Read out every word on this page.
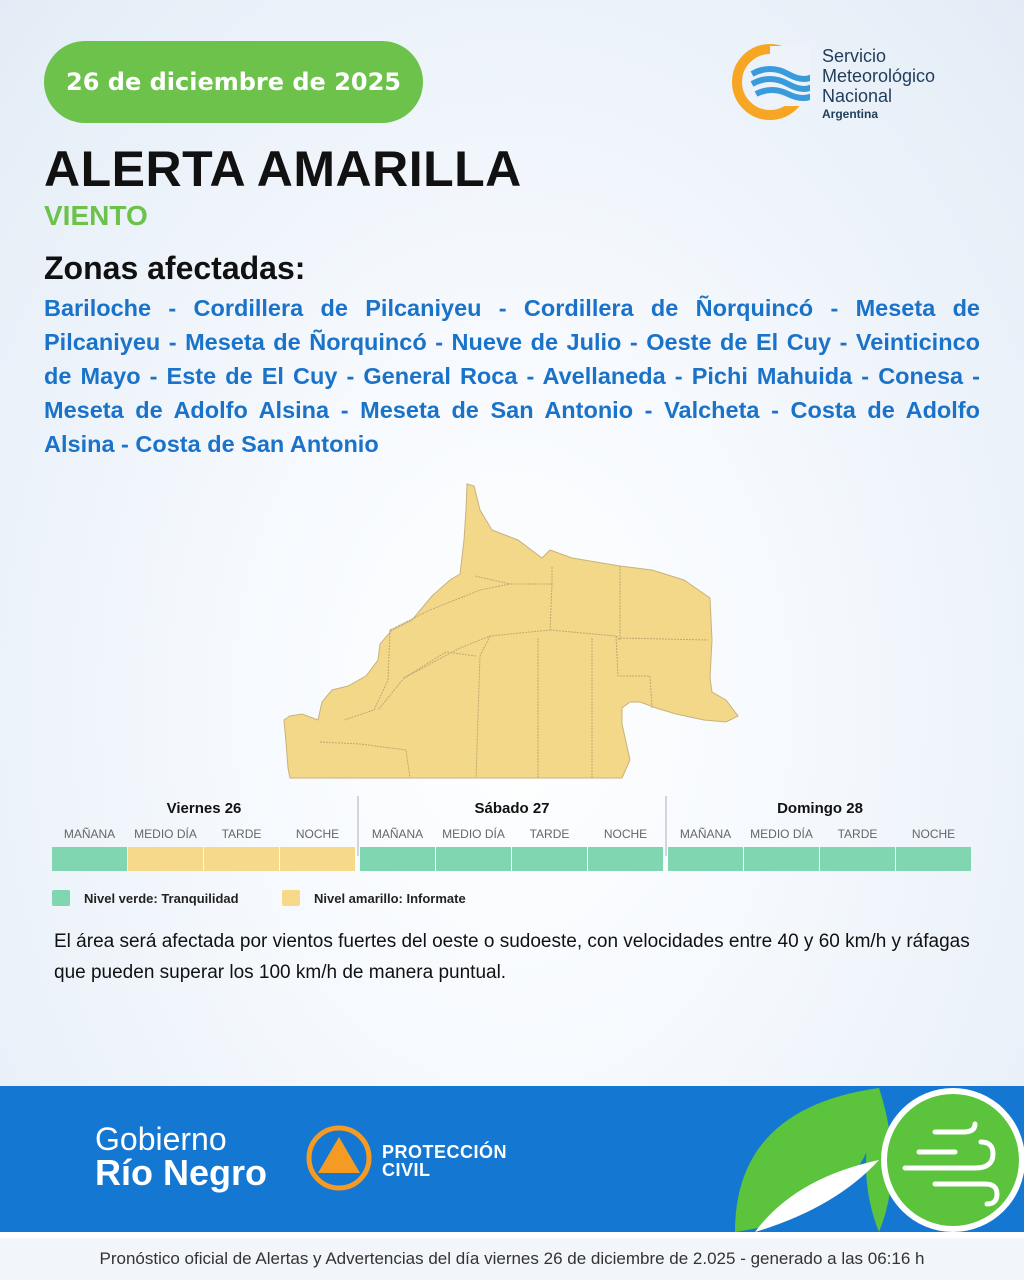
26 de diciembre de 2025
Servicio
Meteorológico
Nacional
Argentina
ALERTA AMARILLA
VIENTO
Zonas afectadas:
Bariloche - Cordillera de Pilcaniyeu - Cordillera de Ñorquincó - Meseta de Pilcaniyeu - Meseta de Ñorquincó - Nueve de Julio - Oeste de El Cuy - Veinticinco de Mayo - Este de El Cuy - General Roca - Avellaneda - Pichi Mahuida - Conesa - Meseta de Adolfo Alsina - Meseta de San Antonio - Valcheta - Costa de Adolfo Alsina - Costa de San Antonio
Viernes 26
MAÑANA	MEDIO DÍA	TARDE	NOCHE
Sábado 27
MAÑANA	MEDIO DÍA	TARDE	NOCHE
Domingo 28
MAÑANA	MEDIO DÍA	TARDE	NOCHE
Nivel verde: Tranquilidad	Nivel amarillo: Informate
El área será afectada por vientos fuertes del oeste o sudoeste, con velocidades entre 40 y 60 km/h y ráfagas que pueden superar los 100 km/h de manera puntual.
Gobierno
Río Negro	PROTECCIÓN
CIVIL
Pronóstico oficial de Alertas y Advertencias del día viernes 26 de diciembre de 2.025 - generado a las 06:16 h
